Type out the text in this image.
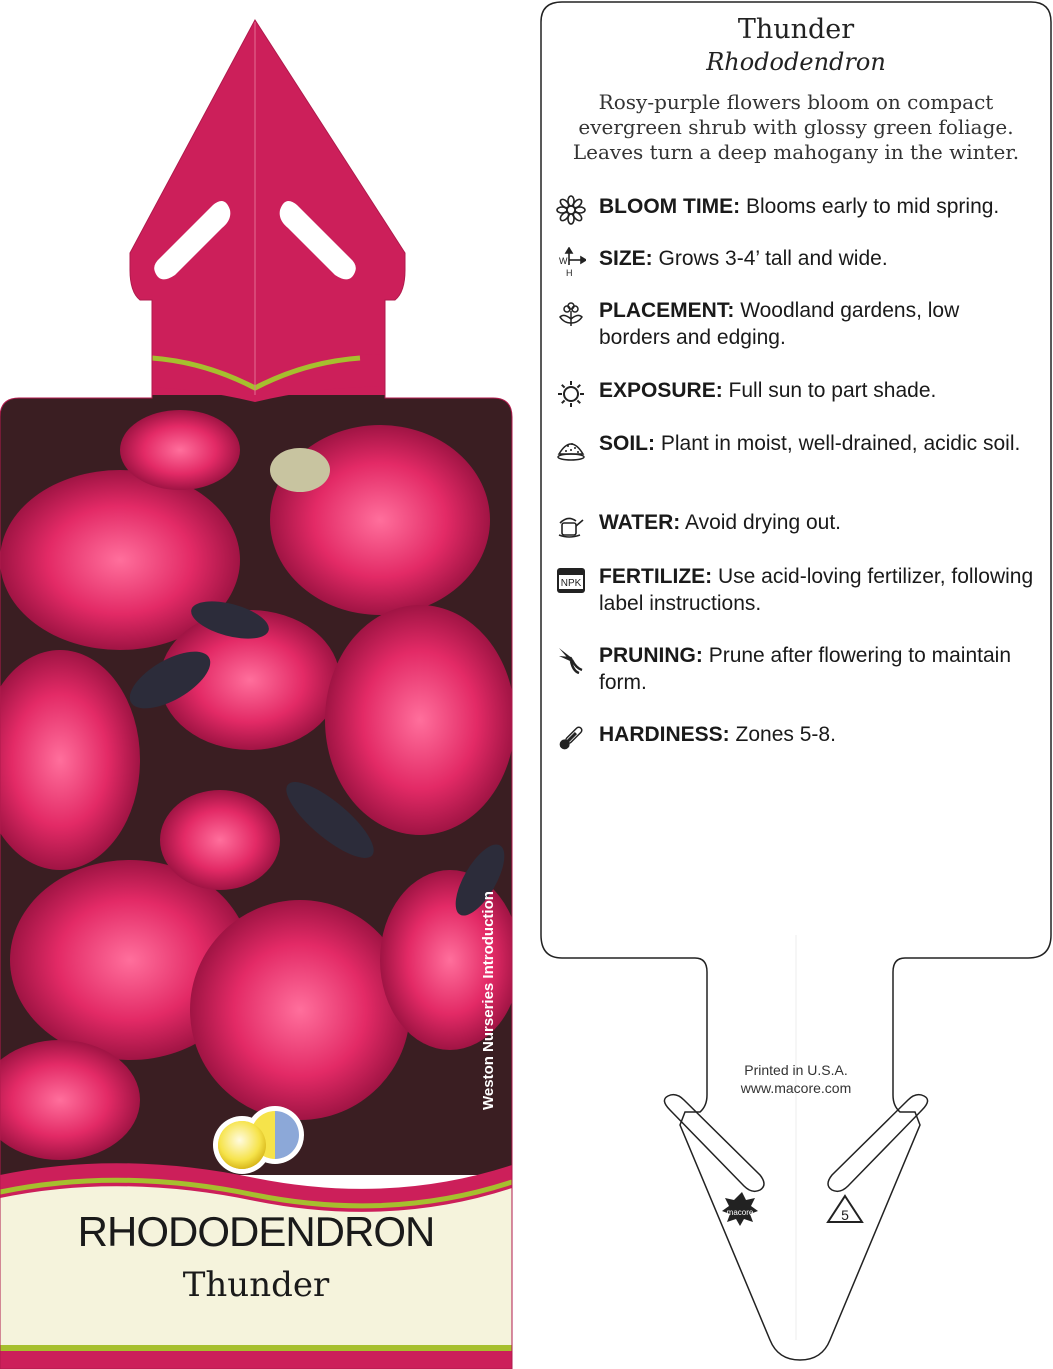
Weston Nurseries Introduction
RHODODENDRON
Thunder
macore	5
Thunder
Rhododendron
Rosy-purple flowers bloom on compact evergreen shrub with glossy green foliage. Leaves turn a deep mahogany in the winter.
BLOOM TIME: Blooms early to mid spring.
W
H
SIZE: Grows 3-4’ tall and wide.
PLACEMENT: Woodland gardens, low borders and edging.
EXPOSURE: Full sun to part shade.
SOIL: Plant in moist, well-drained, acidic soil.
WATER: Avoid drying out.
NPK FERTILIZE: Use acid-loving fertilizer, following label instructions.
PRUNING: Prune after flowering to maintain form.
HARDINESS: Zones 5-8.
Printed in U.S.A.
www.macore.com
